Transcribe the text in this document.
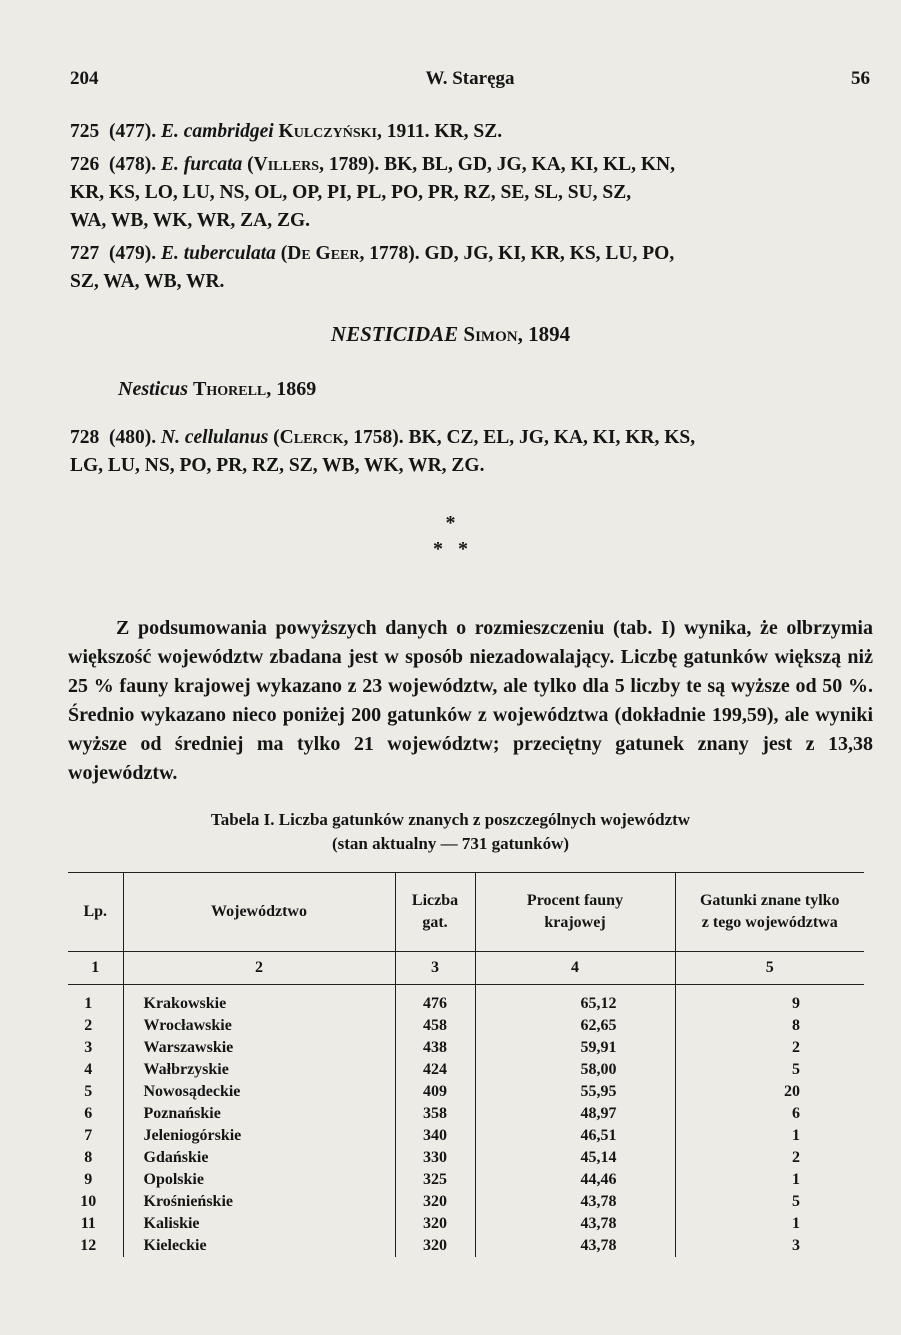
204	W. Staręga	56
725 (477). E. cambridgei Kulczyński, 1911. KR, SZ.
726 (478). E. furcata (Villers, 1789). BK, BL, GD, JG, KA, KI, KL, KN,
KR, KS, LO, LU, NS, OL, OP, PI, PL, PO, PR, RZ, SE, SL, SU, SZ,
WA, WB, WK, WR, ZA, ZG.
727 (479). E. tuberculata (De Geer, 1778). GD, JG, KI, KR, KS, LU, PO,
SZ, WA, WB, WR.
NESTICIDAE Simon, 1894
Nesticus Thorell, 1869
728 (480). N. cellulanus (Clerck, 1758). BK, CZ, EL, JG, KA, KI, KR, KS,
LG, LU, NS, PO, PR, RZ, SZ, WB, WK, WR, ZG.
*
*   *

Z podsumowania powyższych danych o rozmieszczeniu (tab. I) wynika, że olbrzymia większość województw zbadana jest w sposób niezadowalający. Liczbę gatunków większą niż 25 % fauny krajowej wykazano z 23 województw, ale tylko dla 5 liczby te są wyższe od 50 %. Średnio wykazano nieco poniżej 200 gatunków z województwa (dokładnie 199,59), ale wyniki wyższe od średniej ma tylko 21 województw; przeciętny gatunek znany jest z 13,38 województw.

Tabela I. Liczba gatunków znanych z poszczególnych województw
(stan aktualny — 731 gatunków)
Lp.	Województwo	Liczba gat.	Procent fauny krajowej	Gatunki znane tylko z tego województwa
1	2	3	4	5
1	Krakowskie	476	65,12	9
2	Wrocławskie	458	62,65	8
3	Warszawskie	438	59,91	2
4	Wałbrzyskie	424	58,00	5
5	Nowosądeckie	409	55,95	20
6	Poznańskie	358	48,97	6
7	Jeleniogórskie	340	46,51	1
8	Gdańskie	330	45,14	2
9	Opolskie	325	44,46	1
10	Krośnieńskie	320	43,78	5
11	Kaliskie	320	43,78	1
12	Kieleckie	320	43,78	3
